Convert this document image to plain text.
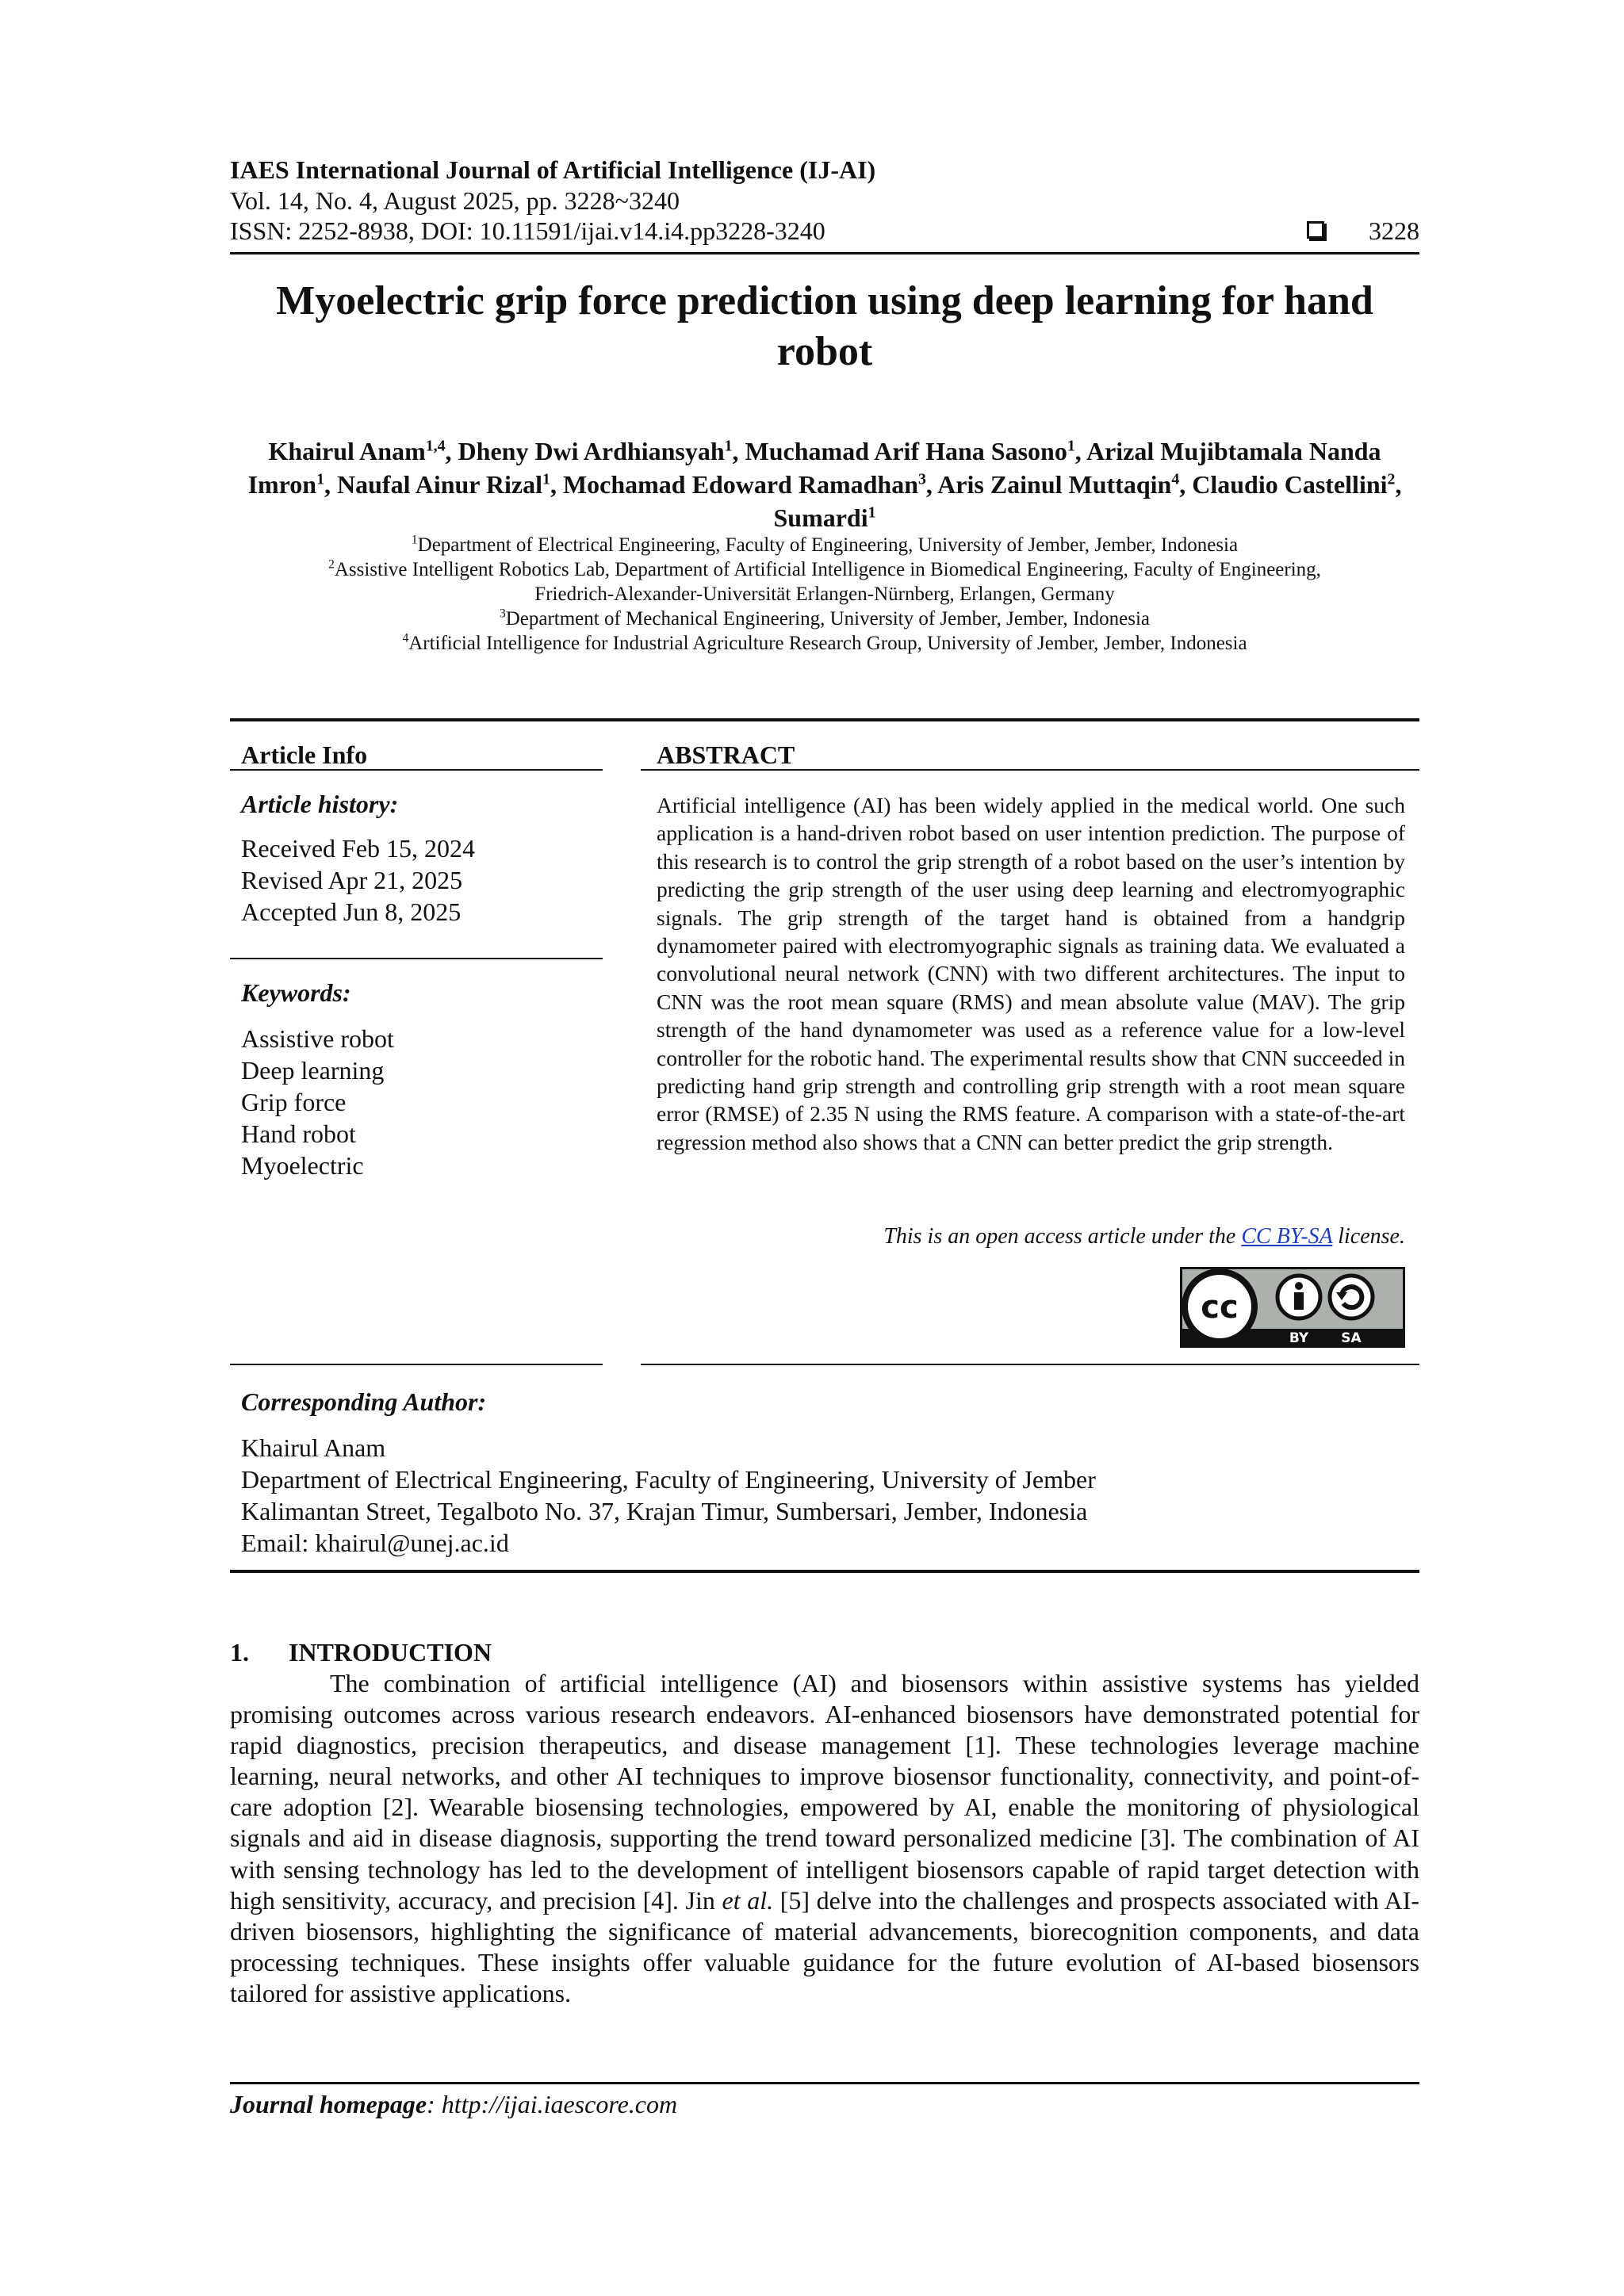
IAES International Journal of Artificial Intelligence (IJ-AI)
Vol. 14, No. 4, August 2025, pp. 3228~3240
ISSN: 2252-8938, DOI: 10.11591/ijai.v14.i4.pp3228-3240	3228
Myoelectric grip force prediction using deep learning for hand
robot
Khairul Anam$^{1,4}$, Dheny Dwi Ardhiansyah$^1$, Muchamad Arif Hana Sasono$^1$, Arizal Mujibtamala Nanda Imron$^1$, Naufal Ainur Rizal$^1$, Mochamad Edoward Ramadhan$^3$, Aris Zainul Muttaqin$^4$, Claudio Castellini$^2$, Sumardi$^1$
$^1$Department of Electrical Engineering, Faculty of Engineering, University of Jember, Jember, Indonesia
$^2$Assistive Intelligent Robotics Lab, Department of Artificial Intelligence in Biomedical Engineering, Faculty of Engineering,
Friedrich-Alexander-Universität Erlangen-Nürnberg, Erlangen, Germany
$^3$Department of Mechanical Engineering, University of Jember, Jember, Indonesia
$^4$Artificial Intelligence for Industrial Agriculture Research Group, University of Jember, Jember, Indonesia
Article Info
Article history:
Received Feb 15, 2024
Revised Apr 21, 2025
Accepted Jun 8, 2025
Keywords:
Assistive robot
Deep learning
Grip force
Hand robot
Myoelectric
ABSTRACT
Artificial intelligence (AI) has been widely applied in the medical world. One such application is a hand-driven robot based on user intention prediction. The purpose of this research is to control the grip strength of a robot based on the user’s intention by predicting the grip strength of the user using deep learning and electromyographic signals. The grip strength of the target hand is obtained from a handgrip dynamometer paired with electromyographic signals as training data. We evaluated a convolutional neural network (CNN) with two different architectures. The input to CNN was the root mean square (RMS) and mean absolute value (MAV). The grip strength of the hand dynamometer was used as a reference value for a low-level controller for the robotic hand. The experimental results show that CNN succeeded in predicting hand grip strength and controlling grip strength with a root mean square error (RMSE) of 2.35 N using the RMS feature. A comparison with a state-of-the-art regression method also shows that a CNN can better predict the grip strength.
This is an open access article under the CC BY-SA license.
cc
BY SA
Corresponding Author:
Khairul Anam
Department of Electrical Engineering, Faculty of Engineering, University of Jember
Kalimantan Street, Tegalboto No. 37, Krajan Timur, Sumbersari, Jember, Indonesia
Email: khairul@unej.ac.id
1. INTRODUCTION
The combination of artificial intelligence (AI) and biosensors within assistive systems has yielded promising outcomes across various research endeavors. AI-enhanced biosensors have demonstrated potential for rapid diagnostics, precision therapeutics, and disease management [1]. These technologies leverage machine learning, neural networks, and other AI techniques to improve biosensor functionality, connectivity, and point-of-care adoption [2]. Wearable biosensing technologies, empowered by AI, enable the monitoring of physiological signals and aid in disease diagnosis, supporting the trend toward personalized medicine [3]. The combination of AI with sensing technology has led to the development of intelligent biosensors capable of rapid target detection with high sensitivity, accuracy, and precision [4]. Jin et al. [5] delve into the challenges and prospects associated with AI-driven biosensors, highlighting the significance of material advancements, biorecognition components, and data processing techniques. These insights offer valuable guidance for the future evolution of AI-based biosensors tailored for assistive applications.
Journal homepage: http://ijai.iaescore.com
